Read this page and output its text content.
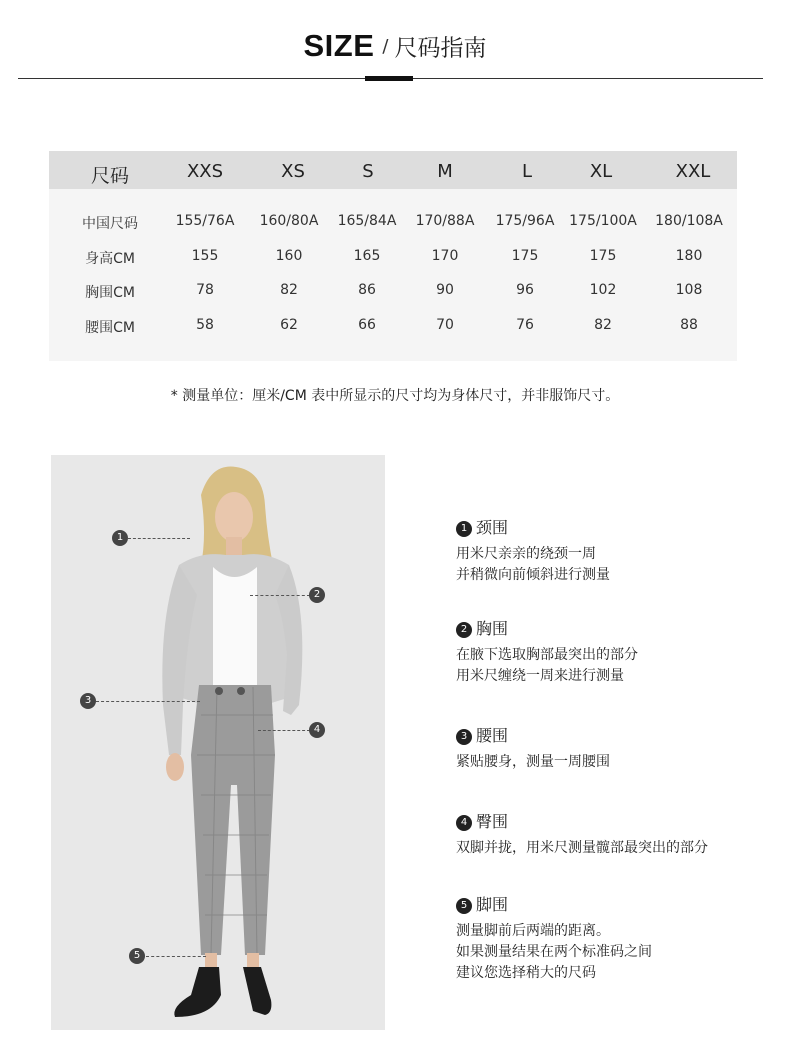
SIZE / 尺码指南
尺码	XXS	XS	S	M	L	XL	XXL
中国尺码	155/76A 160/80A 165/84A 170/88A 175/96A 175/100A 180/108A
身高CM	155	160	165	170	175	175	180
胸围CM	78	82	86	90	96	102	108
腰围CM	58	62	66	70	76	82	88
* 测量单位：厘米/CM 表中所显示的尺寸均为身体尺寸，并非服饰尺寸。
1
2
3
4
5
1 颈围
用米尺亲亲的绕颈一周
并稍微向前倾斜进行测量
2 胸围
在腋下选取胸部最突出的部分
用米尺缠绕一周来进行测量
3 腰围
紧贴腰身，测量一周腰围
4 臀围
双脚并拢，用米尺测量髋部最突出的部分
5 脚围
测量脚前后两端的距离。
如果测量结果在两个标准码之间
建议您选择稍大的尺码
